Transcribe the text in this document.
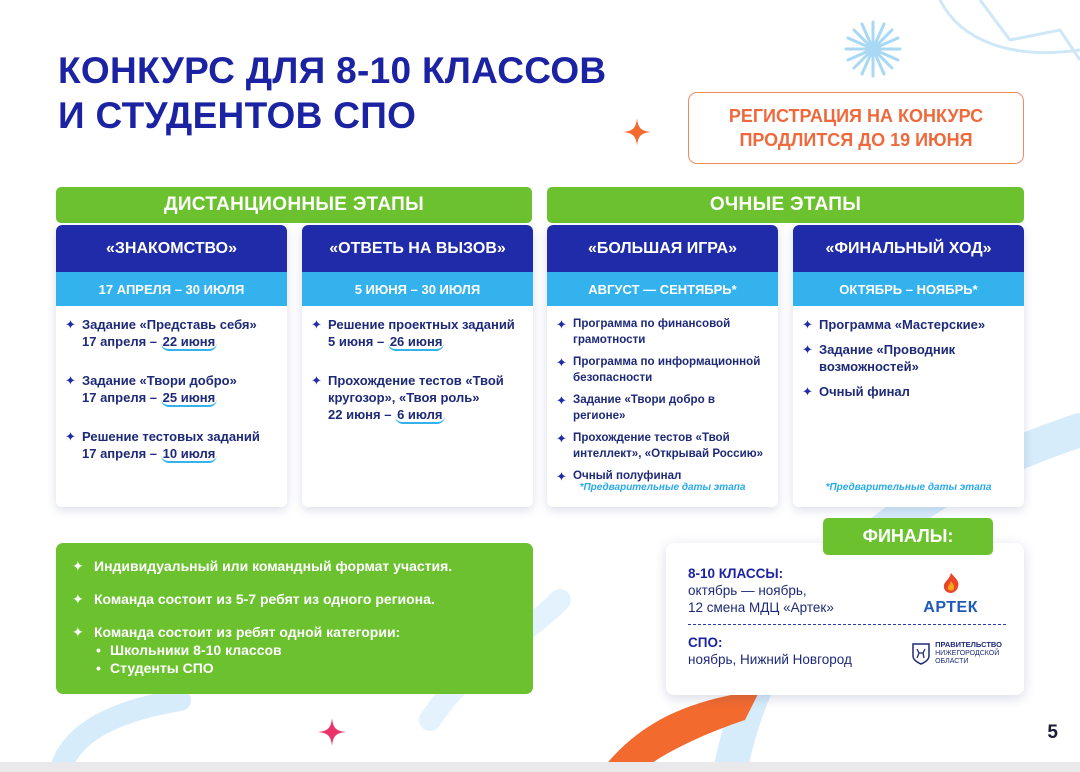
КОНКУРС ДЛЯ 8-10 КЛАССОВ
И СТУДЕНТОВ СПО	РЕГИСТРАЦИЯ НА КОНКУРС
ПРОДЛИТСЯ ДО 19 ИЮНЯ
ДИСТАНЦИОННЫЕ ЭТАПЫ	ОЧНЫЕ ЭТАПЫ
«ЗНАКОМСТВО»
17 АПРЕЛЯ – 30 ИЮЛЯ
✦ Задание «Представь себя»
17 апреля – 22 июня
✦ Задание «Твори добро»
17 апреля – 25 июня
✦ Решение тестовых заданий
17 апреля – 10 июля
«ОТВЕТЬ НА ВЫЗОВ»
5 ИЮНЯ – 30 ИЮЛЯ
✦ Решение проектных заданий
5 июня – 26 июня
✦ Прохождение тестов «Твой кругозор», «Твоя роль»
22 июня – 6 июля
«БОЛЬШАЯ ИГРА»
АВГУСТ — СЕНТЯБРЬ*
✦ Программа по финансовой грамотности
✦ Программа по информационной безопасности
✦ Задание «Твори добро в регионе»
✦ Прохождение тестов «Твой интеллект», «Открывай Россию»
✦ Очный полуфинал
*Предварительные даты этапа
«ФИНАЛЬНЫЙ ХОД»
ОКТЯБРЬ – НОЯБРЬ*
✦ Программа «Мастерские»
✦ Задание «Проводник возможностей»
✦ Очный финал
*Предварительные даты этапа
✦ Индивидуальный или командный формат участия.
✦ Команда состоит из 5-7 ребят из одного региона.
✦ Команда состоит из ребят одной категории:
• Школьники 8-10 классов
• Студенты СПО
ФИНАЛЫ:
8-10 КЛАССЫ:
октябрь — ноябрь,
12 смена МДЦ «Артек»
СПО:
ноябрь, Нижний Новгород
АРТЕК
ПРАВИТЕЛЬСТВО
НИЖЕГОРОДСКОЙ
ОБЛАСТИ
5
